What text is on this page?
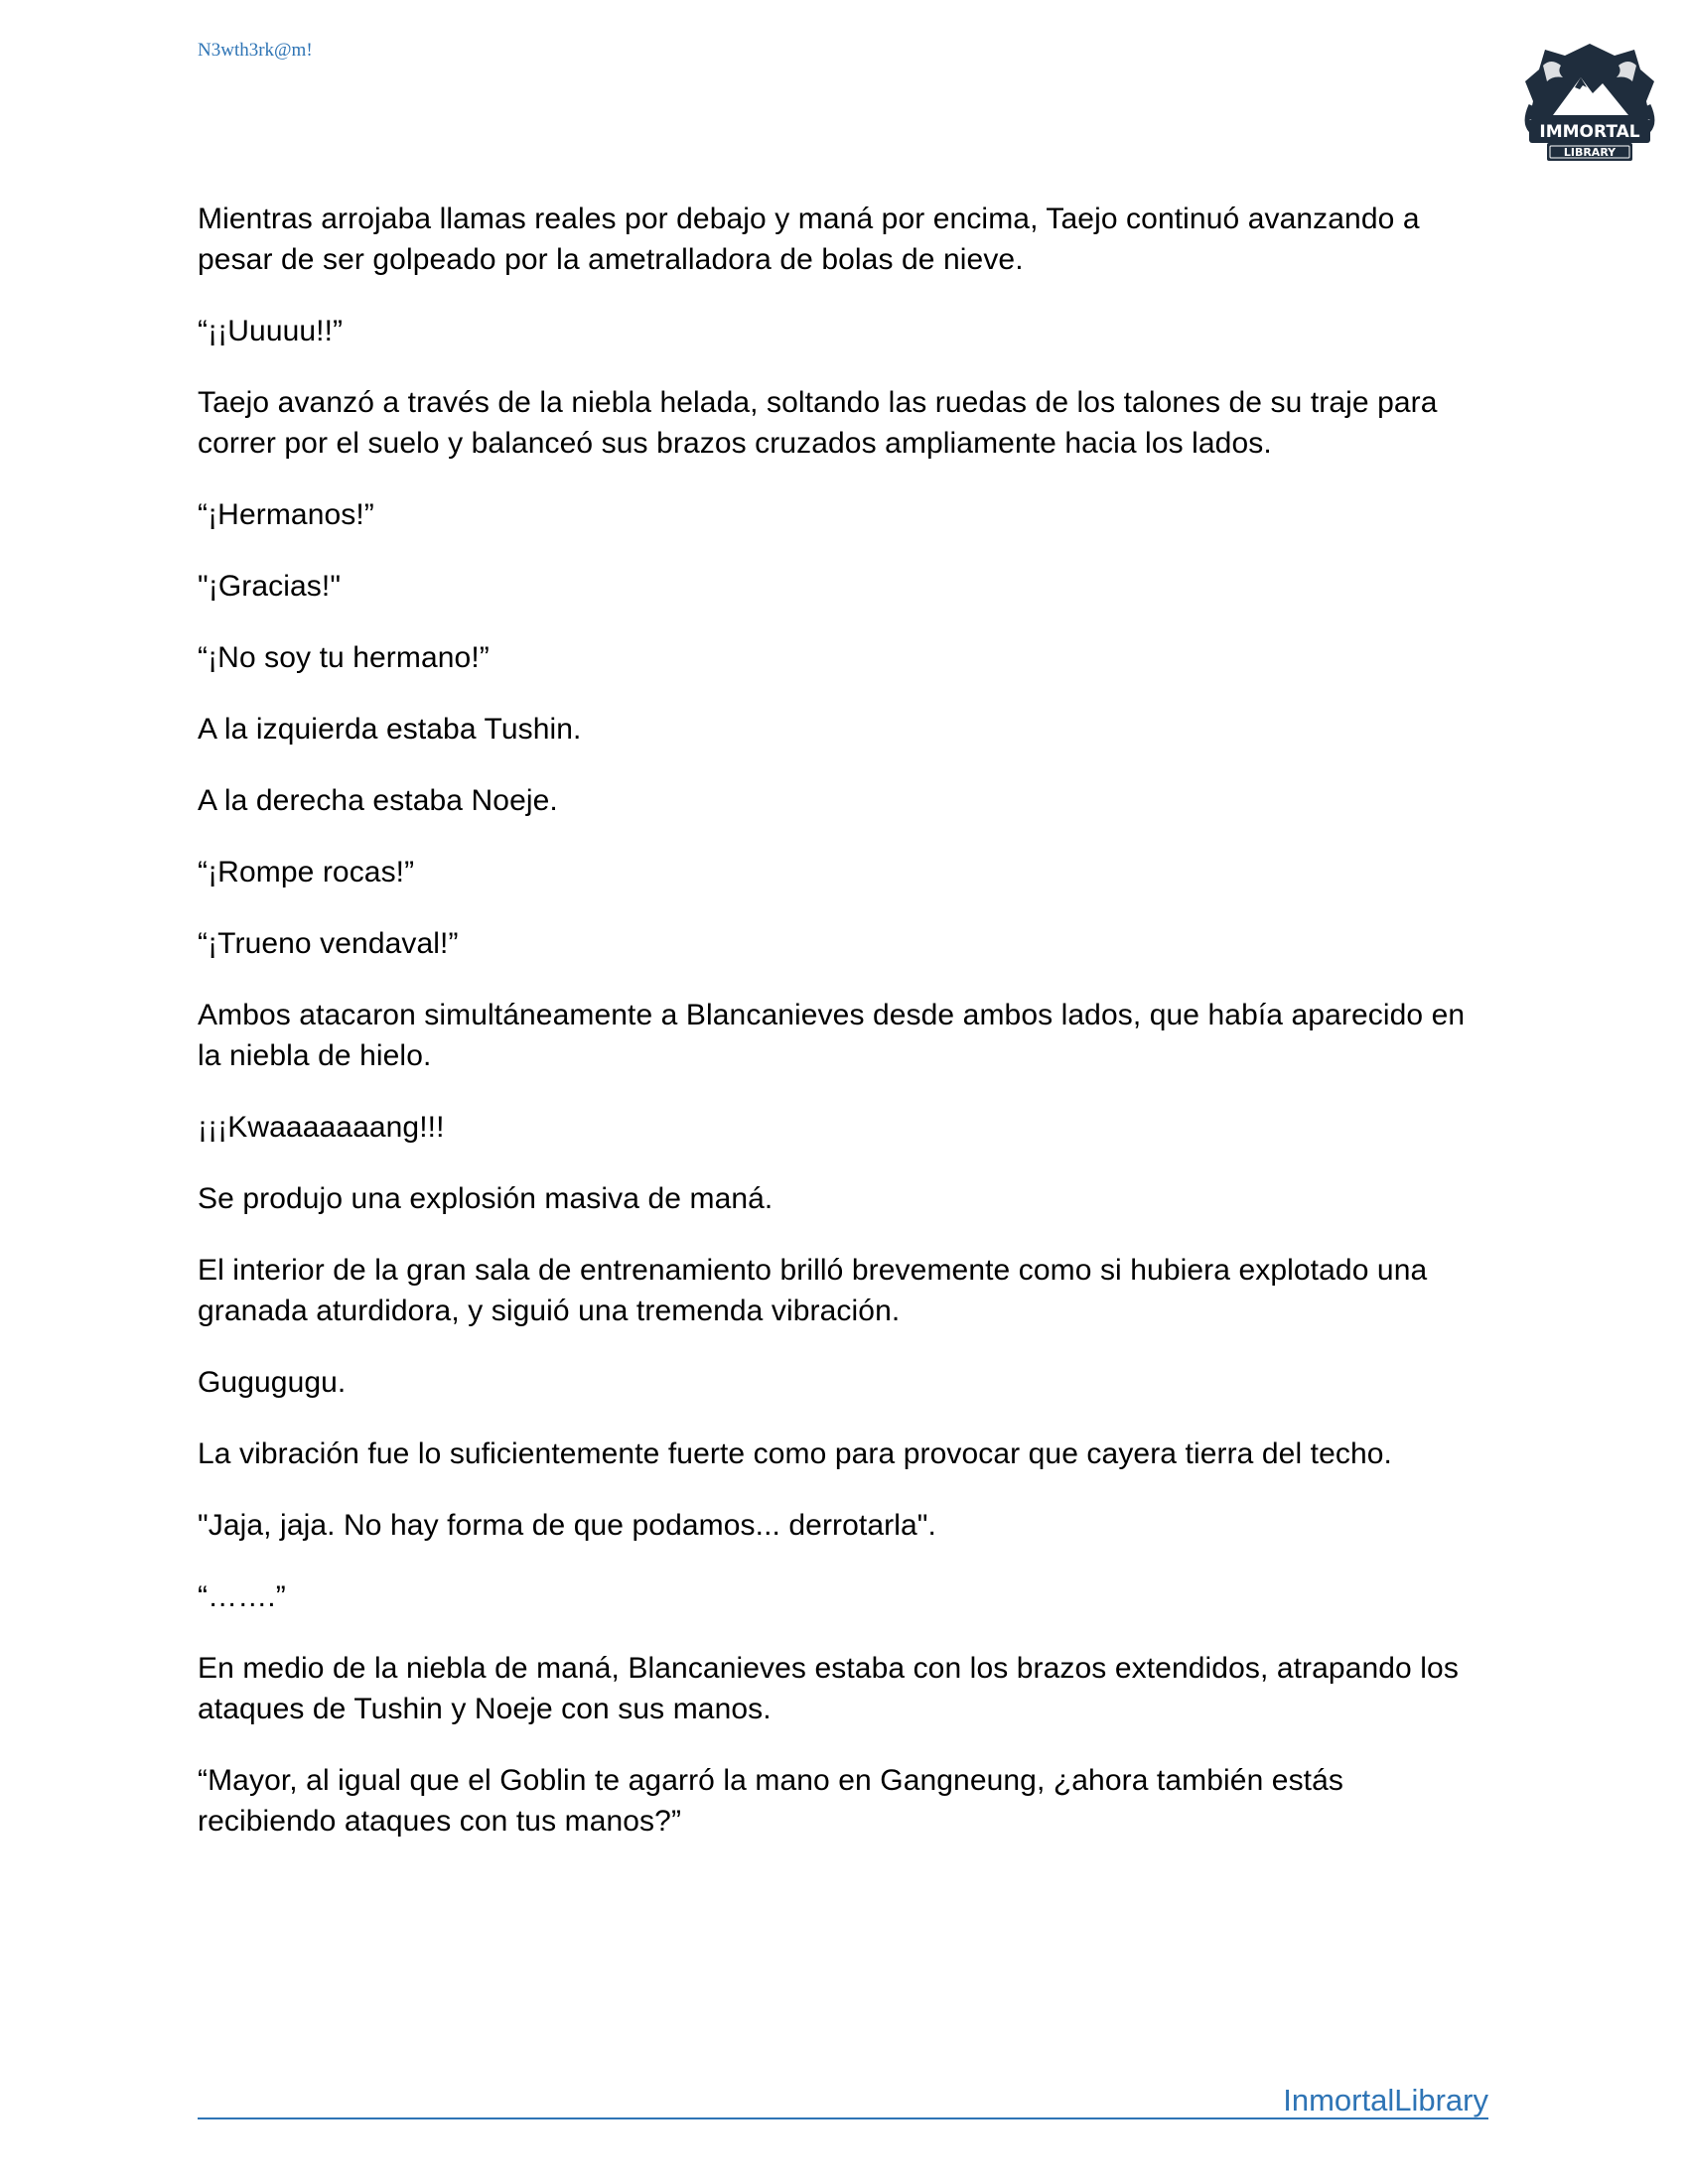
N3wth3rk@m!
IMMORTAL
LIBRARY

Mientras arrojaba llamas reales por debajo y maná por encima, Taejo continuó avanzando a pesar de ser golpeado por la ametralladora de bolas de nieve.

“¡¡Uuuuu!!”

Taejo avanzó a través de la niebla helada, soltando las ruedas de los talones de su traje para correr por el suelo y balanceó sus brazos cruzados ampliamente hacia los lados.

“¡Hermanos!”

"¡Gracias!"

“¡No soy tu hermano!”

A la izquierda estaba Tushin.

A la derecha estaba Noeje.

“¡Rompe rocas!”

“¡Trueno vendaval!”

Ambos atacaron simultáneamente a Blancanieves desde ambos lados, que había aparecido en la niebla de hielo.

¡¡¡Kwaaaaaaang!!!

Se produjo una explosión masiva de maná.

El interior de la gran sala de entrenamiento brilló brevemente como si hubiera explotado una granada aturdidora, y siguió una tremenda vibración.

Gugugugu.

La vibración fue lo suficientemente fuerte como para provocar que cayera tierra del techo.

"Jaja, jaja. No hay forma de que podamos... derrotarla".

“…….”

En medio de la niebla de maná, Blancanieves estaba con los brazos extendidos, atrapando los ataques de Tushin y Noeje con sus manos.

“Mayor, al igual que el Goblin te agarró la mano en Gangneung, ¿ahora también estás recibiendo ataques con tus manos?”

InmortalLibrary
